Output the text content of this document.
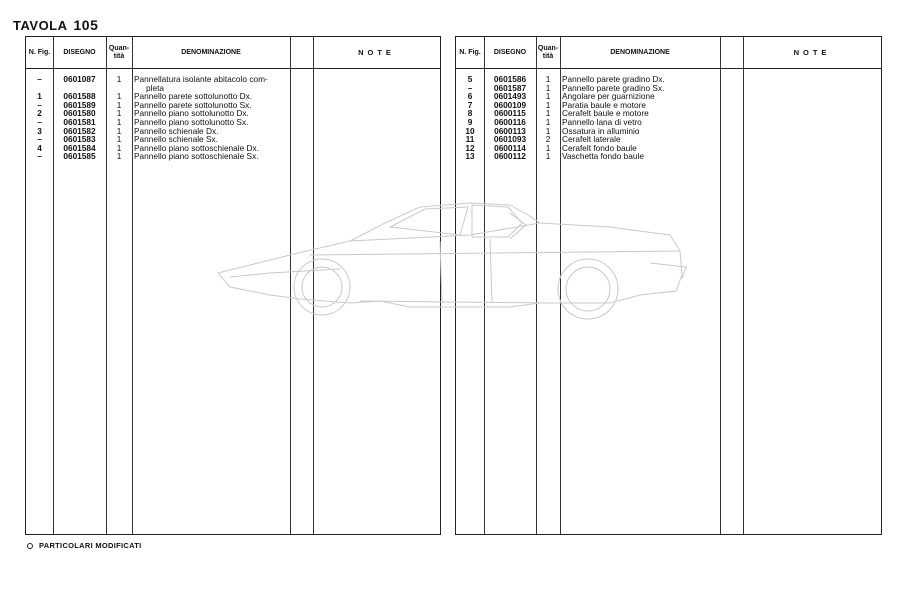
TAVOLA 105
N. Fig.	DISEGNO
Quan-tità
DENOMINAZIONE	NOTE
–	0601087	1	Pannellatura isolante abitacolo com-
pleta
1	0601588	1	Pannello parete sottolunotto Dx.
–	0601589	1	Pannello parete sottolunotto Sx.
2	0601580	1	Pannello piano sottolunotto Dx.
–	0601581	1	Pannello piano sottolunotto Sx.
3	0601582	1	Pannello schienale Dx.
–	0601583	1	Pannello schienale Sx.
4	0601584	1	Pannello piano sottoschienale Dx.
–	0601585	1	Pannello piano sottoschienale Sx.
N. Fig.	DISEGNO
Quan-tità
DENOMINAZIONE	NOTE
5	0601586	1	Pannello parete gradino Dx.
–	0601587	1	Pannello parete gradino Sx.
6	0601493	1	Angolare per guarnizione
7	0600109	1	Paratia baule e motore
8	0600115	1	Cerafelt baule e motore
9	0600116	1	Pannello lana di vetro
10	0600113	1	Ossatura in alluminio
11	0601093	2	Cerafelt laterale
12	0600114	1	Cerafelt fondo baule
13	0600112	1	Vaschetta fondo baule
PARTICOLARI MODIFICATI
